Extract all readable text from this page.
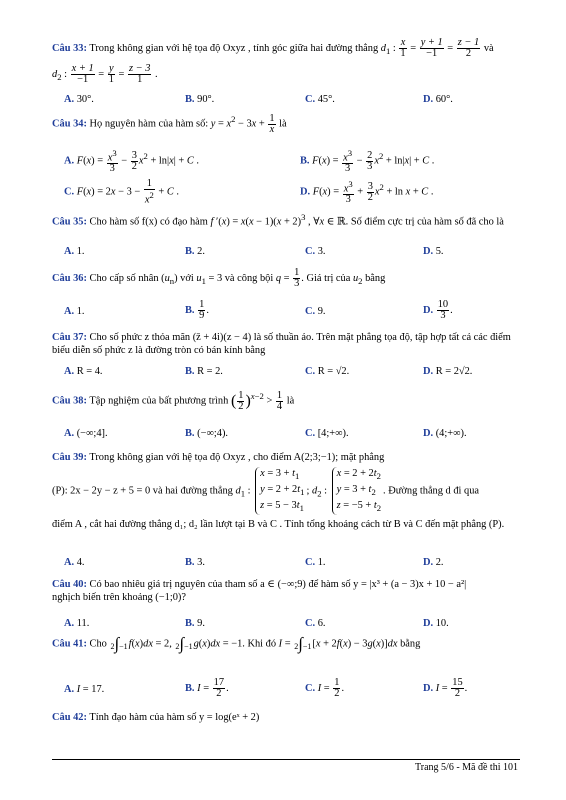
Câu 33: Trong không gian với hệ tọa độ Oxyz , tính góc giữa hai đường thẳng $d_1$ : $\frac{x}{1} = \frac{y + 1}{-1} = \frac{z - 1}{2}$ và
$d_2$ : $\frac{x + 1}{-1} = \frac{y}{1} = \frac{z - 3}{1}$ .
A. 30°.	B. 90°.	C. 45°.	D. 60°.
Câu 34: Họ nguyên hàm của hàm số: $y = x^2 - 3x + \frac{1}{x}$ là
A. $F(x) = \frac{x^3}{3} - \frac{3}{2} x^2 + \ln|x| + C$ .	B. $F(x) = \frac{x^3}{3} - \frac{2}{3} x^2 + \ln|x| + C$ .
C. $F(x) = 2x - 3 - \frac{1}{x^2} + C$ .	D. $F(x) = \frac{x^3}{3} + \frac{3}{2} x^2 + \ln x + C$ .
Câu 35: Cho hàm số f(x) có đạo hàm f $'(x) = x(x - 1)(x + 2)^3$ , ∀x ∈ ℝ. Số điểm cực trị của hàm số đã cho là
A. 1.	B. 2.	C. 3.	D. 5.
Câu 36: Cho cấp số nhân $(u_n)$ với $u_1 = 3$ và công bội $q = \frac{1}{3}$ . Giá trị của $u_2$ bằng
A. 1.	B. $\frac{1}{9}$ .	C. 9.	D. $\frac{10}{3}$ .
Câu 37: Cho số phức z thỏa mãn (z̄ + 4i)(z − 4) là số thuần ảo. Trên mặt phẳng tọa độ, tập hợp tất cả các điểm biểu diễn số phức z là đường tròn có bán kính bằng
A. R = 4.	B. R = 2.	C. R = √2.	D. R = 2√2.
Câu 38: Tập nghiệm của bất phương trình ( $\frac{1}{2} )^{x-2} > \frac{1}{4}$ là
A. (−∞;4].	B. (−∞;4).	C. [4;+∞).	D. (4;+∞).
Câu 39: Trong không gian với hệ tọa độ Oxyz , cho điểm A(2;3;−1); mặt phẳng
(P): 2x − 2y − z + 5 = 0 và hai đường thẳng $d_1$ : $x = 3 + t_1$
$y = 2 + 2t_1$
$z = 5 - 3t_1$; $d_2$ : $x = 2 + 2t_2$
$y = 3 + t_2$
$z = -5 + t_2$. Đường thẳng d đi qua
điểm A , cắt hai đường thẳng d₁; d₂ lần lượt tại B và C . Tính tổng khoảng cách từ B và C đến mặt phẳng (P).
A. 4.	B. 3.	C. 1.	D. 2.
Câu 40: Có bao nhiêu giá trị nguyên của tham số a ∈ (−∞;9) để hàm số y = |x³ + (a − 3)x + 10 − a²|
nghịch biến trên khoảng (−1;0)?
A. 11.	B. 9.	C. 6.	D. 10.
Câu 41: Cho 2∫−1f(x)dx = 2, 2∫−1g(x)dx = −1. Khi đó I = 2∫−1[x + 2f(x) − 3g(x)]dx bằng
A. I = 17.	B. $I = \frac{17}{2}$ .	C. $I = \frac{1}{2}$ .	D. $I = \frac{15}{2}$ .
Câu 42: Tính đạo hàm của hàm số y = log(eˣ + 2)
Trang 5/6 - Mã đề thi 101
